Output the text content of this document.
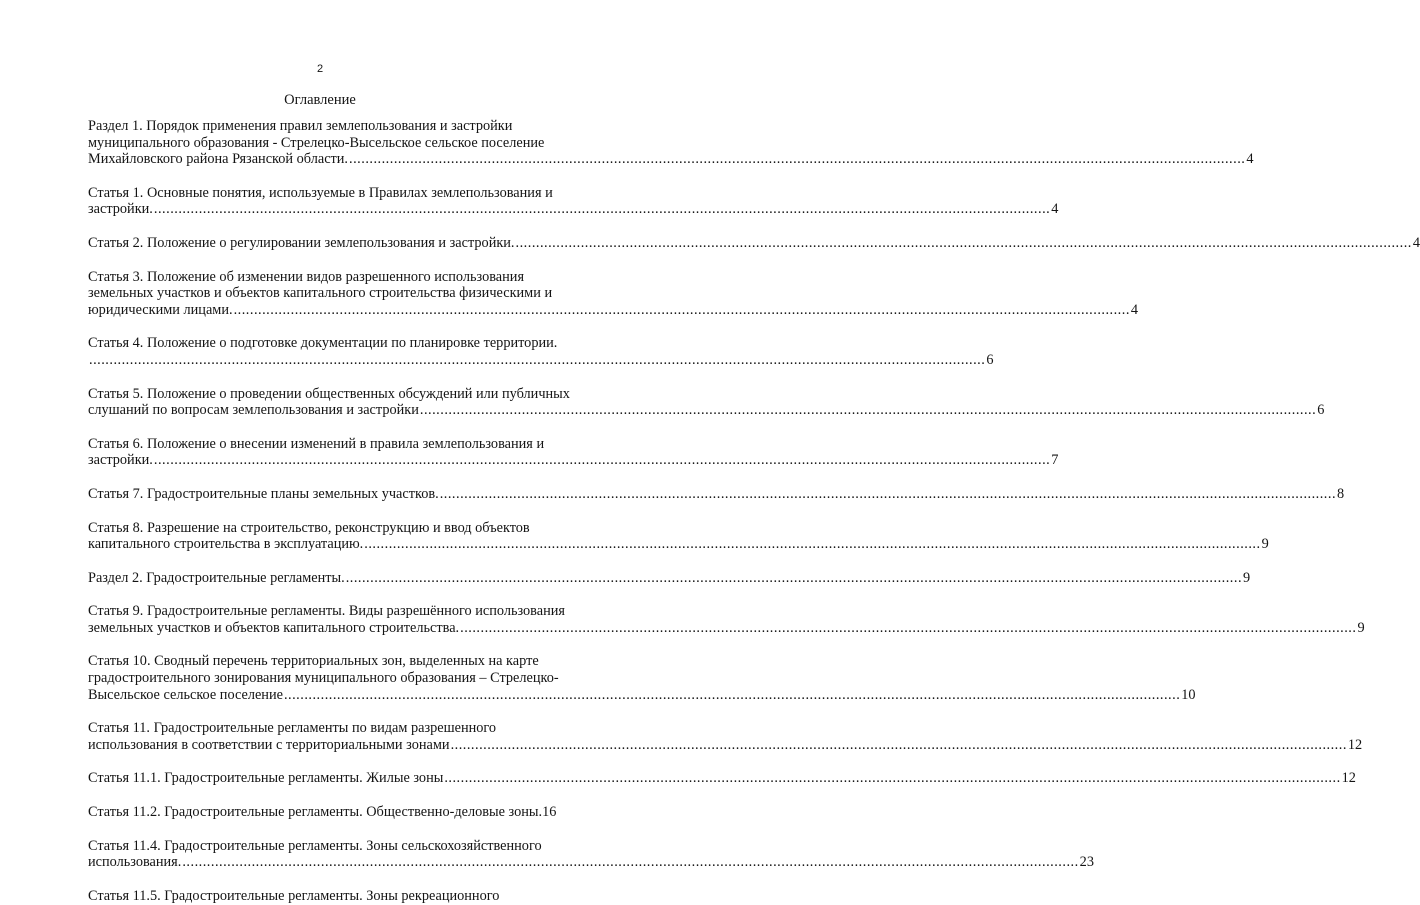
2
Оглавление
Раздел 1. Порядок применения правил землепользования и застройки
муниципального образования - Стрелецко-Высельское сельское поселение
Михайловского района Рязанской области. ............................................................................................................................................................................................................................ 4
Статья 1. Основные понятия, используемые в Правилах землепользования и
застройки. ............................................................................................................................................................................................................................ 4
Статья 2. Положение о регулировании землепользования и застройки. ............................................................................................................................................................................................................................ 4
Статья 3. Положение об изменении видов разрешенного использования
земельных участков и объектов капитального строительства физическими и
юридическими лицами. ............................................................................................................................................................................................................................ 4
Статья 4. Положение о подготовке документации по планировке территории.
............................................................................................................................................................................................................................ 6
Статья 5. Положение о проведении общественных обсуждений или публичных
слушаний по вопросам землепользования и застройки ............................................................................................................................................................................................................................ 6
Статья 6. Положение о внесении изменений в правила землепользования и
застройки. ............................................................................................................................................................................................................................ 7
Статья 7. Градостроительные планы земельных участков. ............................................................................................................................................................................................................................ 8
Статья 8. Разрешение на строительство, реконструкцию и ввод объектов
капитального строительства в эксплуатацию. ............................................................................................................................................................................................................................ 9
Раздел 2. Градостроительные регламенты. ............................................................................................................................................................................................................................ 9
Статья 9. Градостроительные регламенты. Виды разрешённого использования
земельных участков и объектов капитального строительства. ............................................................................................................................................................................................................................ 9
Статья 10. Сводный перечень территориальных зон, выделенных на карте
градостроительного зонирования муниципального образования – Стрелецко-
Высельское сельское поселение ............................................................................................................................................................................................................................ 10
Статья 11. Градостроительные регламенты по видам разрешенного
использования в соответствии с территориальными зонами ............................................................................................................................................................................................................................ 12
Статья 11.1. Градостроительные регламенты. Жилые зоны ............................................................................................................................................................................................................................ 12
Статья 11.2. Градостроительные регламенты. Общественно-деловые зоны. 16
Статья 11.4. Градостроительные регламенты. Зоны сельскохозяйственного
использования. ............................................................................................................................................................................................................................ 23
Статья 11.5. Градостроительные регламенты. Зоны рекреационного
